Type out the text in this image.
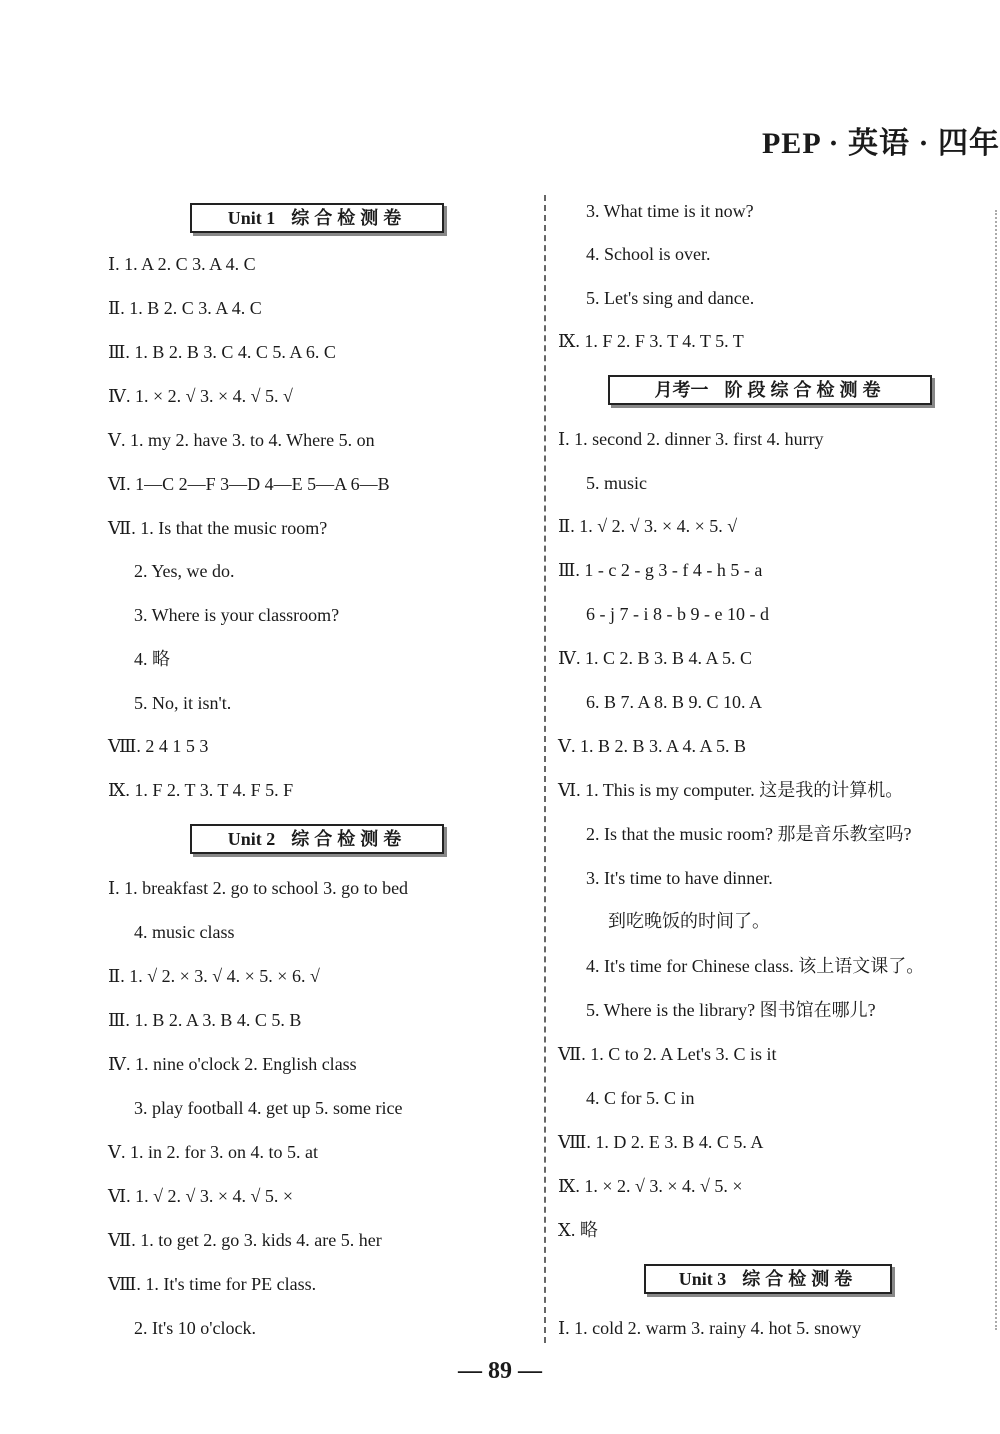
PEP · 英语 · 四年
Unit 1 综合检测卷
Ⅰ. 1. A 2. C 3. A 4. C
Ⅱ. 1. B 2. C 3. A 4. C
Ⅲ. 1. B 2. B 3. C 4. C 5. A 6. C
Ⅳ. 1. × 2. √ 3. × 4. √ 5. √
Ⅴ. 1. my 2. have 3. to 4. Where 5. on
Ⅵ. 1—C 2—F 3—D 4—E 5—A 6—B
Ⅶ. 1. Is that the music room?
2. Yes, we do.
3. Where is your classroom?
4. 略
5. No, it isn't.
Ⅷ. 2 4 1 5 3
Ⅸ. 1. F 2. T 3. T 4. F 5. F
Unit 2 综合检测卷
Ⅰ. 1. breakfast 2. go to school 3. go to bed
4. music class
Ⅱ. 1. √ 2. × 3. √ 4. × 5. × 6. √
Ⅲ. 1. B 2. A 3. B 4. C 5. B
Ⅳ. 1. nine o'clock 2. English class
3. play football 4. get up 5. some rice
Ⅴ. 1. in 2. for 3. on 4. to 5. at
Ⅵ. 1. √ 2. √ 3. × 4. √ 5. ×
Ⅶ. 1. to get 2. go 3. kids 4. are 5. her
Ⅷ. 1. It's time for PE class.
2. It's 10 o'clock.
3. What time is it now?
4. School is over.
5. Let's sing and dance.
Ⅸ. 1. F 2. F 3. T 4. T 5. T
月考一 阶段综合检测卷
Ⅰ. 1. second 2. dinner 3. first 4. hurry
5. music
Ⅱ. 1. √ 2. √ 3. × 4. × 5. √
Ⅲ. 1 - c 2 - g 3 - f 4 - h 5 - a
6 - j 7 - i 8 - b 9 - e 10 - d
Ⅳ. 1. C 2. B 3. B 4. A 5. C
6. B 7. A 8. B 9. C 10. A
Ⅴ. 1. B 2. B 3. A 4. A 5. B
Ⅵ. 1. This is my computer. 这是我的计算机。
2. Is that the music room? 那是音乐教室吗?
3. It's time to have dinner.
到吃晚饭的时间了。
4. It's time for Chinese class. 该上语文课了。
5. Where is the library? 图书馆在哪儿?
Ⅶ. 1. C to 2. A Let's 3. C is it
4. C for 5. C in
Ⅷ. 1. D 2. E 3. B 4. C 5. A
Ⅸ. 1. × 2. √ 3. × 4. √ 5. ×
Ⅹ. 略
Unit 3 综合检测卷
Ⅰ. 1. cold 2. warm 3. rainy 4. hot 5. snowy
— 89 —
